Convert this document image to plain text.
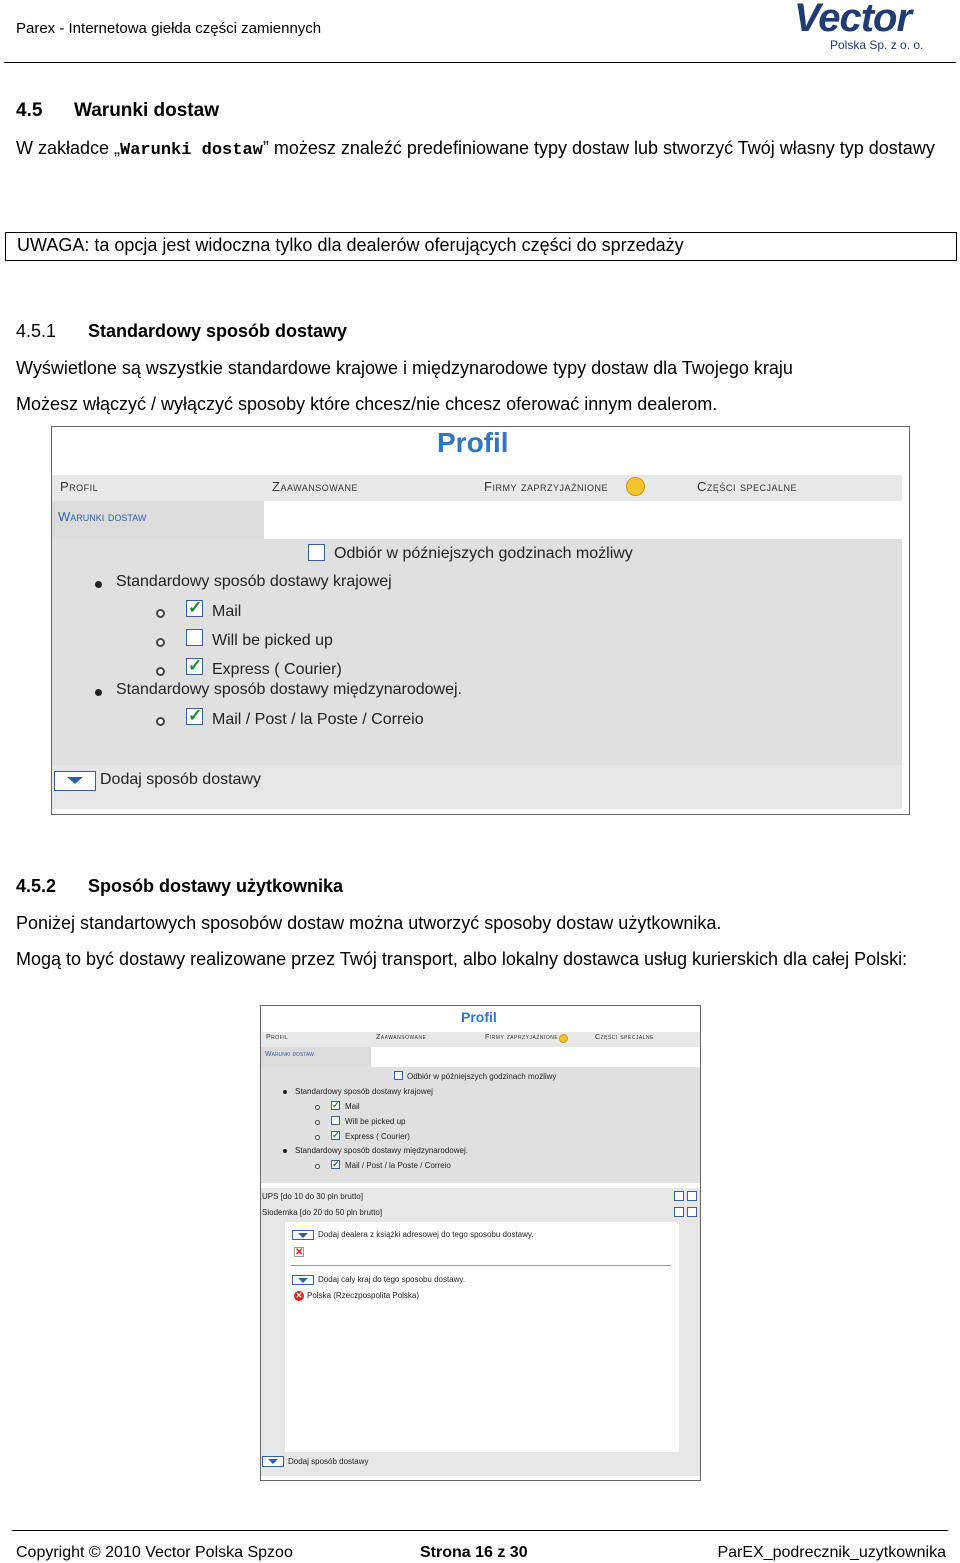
Parex - Internetowa giełda części zamiennych	Vector
Polska Sp. z o. o.
4.5 Warunki dostaw
W zakładce „Warunki dostaw” możesz znaleźć predefiniowane typy dostaw lub stworzyć Twój własny typ dostawy
UWAGA: ta opcja jest widoczna tylko dla dealerów oferujących części do sprzedaży
4.5.1 Standardowy sposób dostawy
Wyświetlone są wszystkie standardowe krajowe i międzynarodowe typy dostaw dla Twojego kraju
Możesz włączyć / wyłączyć sposoby które chcesz/nie chcesz oferować innym dealerom.
Profil
Profil	Zaawansowane	Firmy zaprzyjaźnione	Części specjalne
Warunki dostaw
Odbiór w późniejszych godzinach możliwy
Standardowy sposób dostawy krajowej
✓ Mail
Will be picked up
✓ Express ( Courier)
Standardowy sposób dostawy międzynarodowej.
✓ Mail / Post / la Poste / Correio
Dodaj sposób dostawy
4.5.2 Sposób dostawy użytkownika
Poniżej standartowych sposobów dostaw można utworzyć sposoby dostaw użytkownika.
Mogą to być dostawy realizowane przez Twój transport, albo lokalny dostawca usług kurierskich dla całej Polski:
Profil
Profil	Zaawansowane	Firmy zaprzyjaźnione	Części specjalne
Warunki dostaw
Odbiór w późniejszych godzinach możliwy
Standardowy sposób dostawy krajowej
✓ Mail
Will be picked up
✓ Express ( Courier)
Standardowy sposób dostawy międzynarodowej.
✓ Mail / Post / la Poste / Correio
UPS [do 10 do 30 pln brutto]
Siodemka [do 20 do 50 pln brutto]
Dodaj dealera z książki adresowej do tego sposobu dostawy.
✕
Dodaj cały kraj do tego sposobu dostawy.
✕ Polska (Rzeczpospolita Polska)
Dodaj sposób dostawy
Copyright © 2010 Vector Polska Spzoo	Strona 16 z 30	ParEX_podrecznik_uzytkownika
